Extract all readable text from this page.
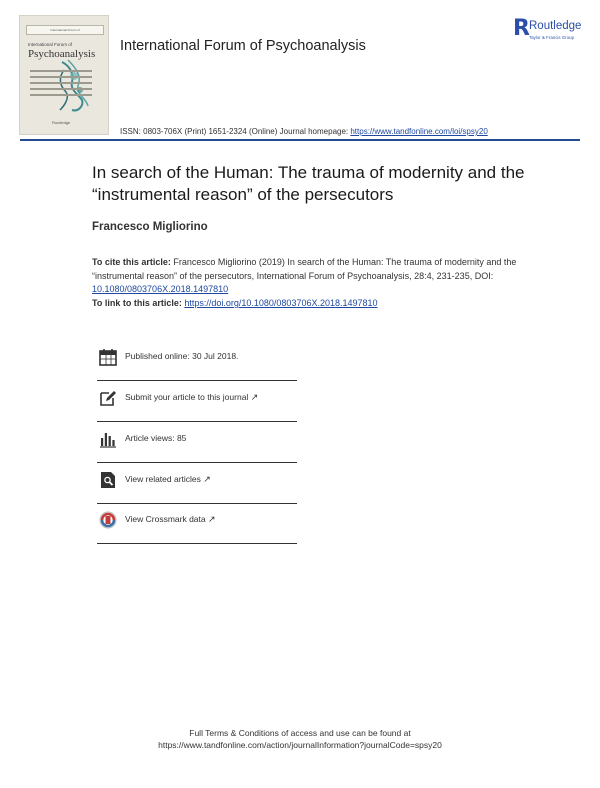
International Forum of
International Forum of
Psychoanalysis
Routledge
International Forum of Psychoanalysis
R Routledge
Taylor & Francis Group
ISSN: 0803-706X (Print) 1651-2324 (Online) Journal homepage: https://www.tandfonline.com/loi/spsy20
In search of the Human: The trauma of modernity and the “instrumental reason” of the persecutors
Francesco Migliorino
To cite this article: Francesco Migliorino (2019) In search of the Human: The trauma of modernity and the “instrumental reason” of the persecutors, International Forum of Psychoanalysis, 28:4, 231-235, DOI: 10.1080/0803706X.2018.1497810
To link to this article: https://doi.org/10.1080/0803706X.2018.1497810
Published online: 30 Jul 2018.
Submit your article to this journal ↗
Article views: 85
View related articles ↗
View Crossmark data ↗
Full Terms & Conditions of access and use can be found at
https://www.tandfonline.com/action/journalInformation?journalCode=spsy20
